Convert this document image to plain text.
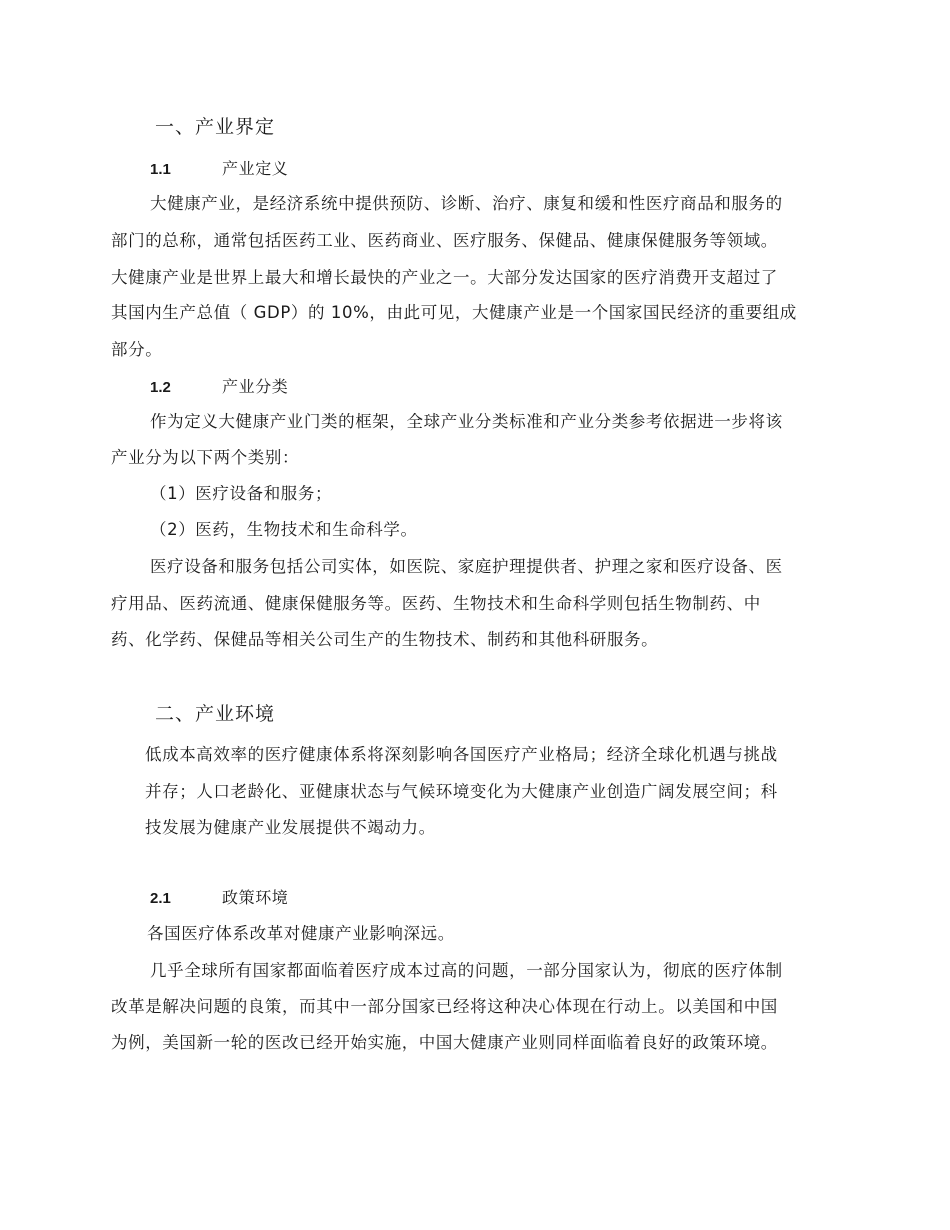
一、产业界定

1.1	产业定义

大健康产业，是经济系统中提供预防、诊断、治疗、康复和缓和性医疗商品和服务的

部门的总称，通常包括医药工业、医药商业、医疗服务、保健品、健康保健服务等领域。

大健康产业是世界上最大和增长最快的产业之一。大部分发达国家的医疗消费开支超过了

其国内生产总值（ GDP）的 10%，由此可见，大健康产业是一个国家国民经济的重要组成

部分。

1.2	产业分类

作为定义大健康产业门类的框架，全球产业分类标准和产业分类参考依据进一步将该

产业分为以下两个类别：

（1）医疗设备和服务；

（2）医药，生物技术和生命科学。

医疗设备和服务包括公司实体，如医院、家庭护理提供者、护理之家和医疗设备、医

疗用品、医药流通、健康保健服务等。医药、生物技术和生命科学则包括生物制药、中

药、化学药、保健品等相关公司生产的生物技术、制药和其他科研服务。

二、产业环境

低成本高效率的医疗健康体系将深刻影响各国医疗产业格局；经济全球化机遇与挑战

并存；人口老龄化、亚健康状态与气候环境变化为大健康产业创造广阔发展空间；科

技发展为健康产业发展提供不竭动力。

2.1	政策环境

各国医疗体系改革对健康产业影响深远。

几乎全球所有国家都面临着医疗成本过高的问题，一部分国家认为，彻底的医疗体制

改革是解决问题的良策，而其中一部分国家已经将这种决心体现在行动上。以美国和中国

为例，美国新一轮的医改已经开始实施，中国大健康产业则同样面临着良好的政策环境。
